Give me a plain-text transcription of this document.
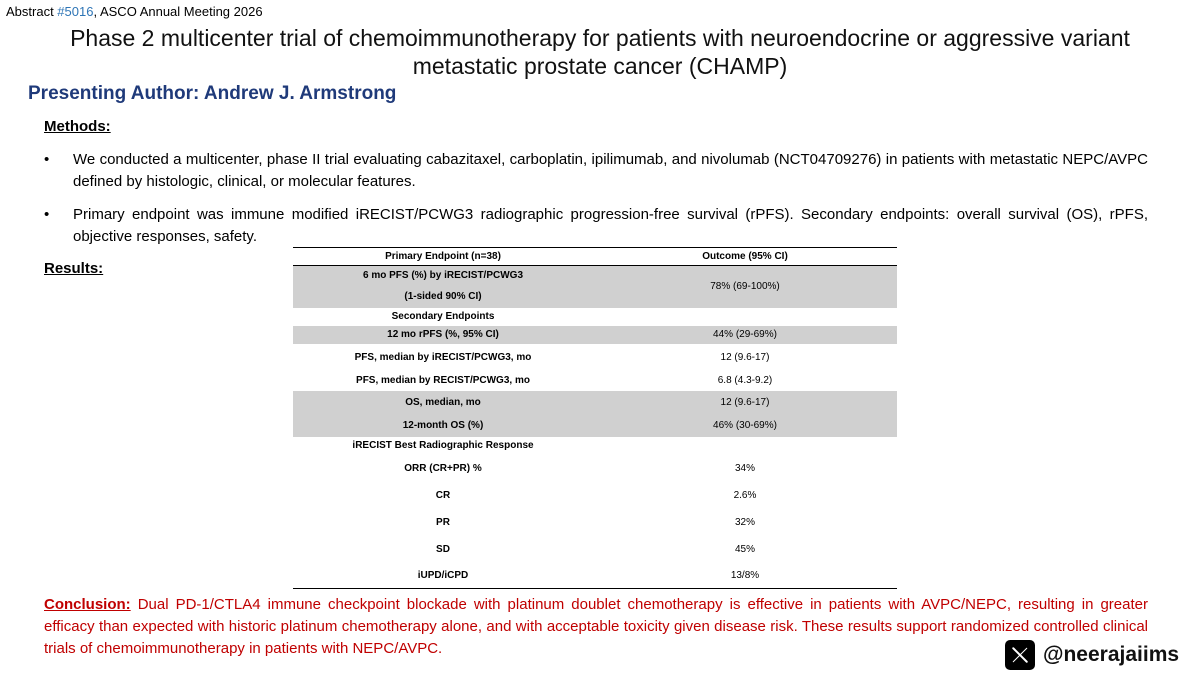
Abstract #5016, ASCO Annual Meeting 2026
Phase 2 multicenter trial of chemoimmunotherapy for patients with neuroendocrine or aggressive variant
metastatic prostate cancer (CHAMP)
Presenting Author: Andrew J. Armstrong
Methods:
• We conducted a multicenter, phase II trial evaluating cabazitaxel, carboplatin, ipilimumab, and nivolumab (NCT04709276) in patients with metastatic NEPC/AVPC defined by histologic, clinical, or molecular features.
• Primary endpoint was immune modified iRECIST/PCWG3 radiographic progression-free survival (rPFS). Secondary endpoints: overall survival (OS), rPFS, objective responses, safety.
Results:
Primary Endpoint (n=38)	Outcome (95% CI)
6 mo PFS (%) by iRECIST/PCWG3	78% (69-100%)
(1-sided 90% CI)	
Secondary Endpoints	
12 mo rPFS (%, 95% CI)	44% (29-69%)
PFS, median by iRECIST/PCWG3, mo	12 (9.6-17)
PFS, median by RECIST/PCWG3, mo	6.8 (4.3-9.2)
OS, median, mo	12 (9.6-17)
12-month OS (%)	46% (30-69%)
iRECIST Best Radiographic Response	
ORR (CR+PR) %	34%
CR	2.6%
PR	32%
SD	45%
iUPD/iCPD	13/8%
Conclusion: Dual PD-1/CTLA4 immune checkpoint blockade with platinum doublet chemotherapy is effective in patients with AVPC/NEPC, resulting in greater efficacy than expected with historic platinum chemotherapy alone, and with acceptable toxicity given disease risk. These results support randomized controlled clinical trials of chemoimmunotherapy in patients with NEPC/AVPC.	@neerajaiims
